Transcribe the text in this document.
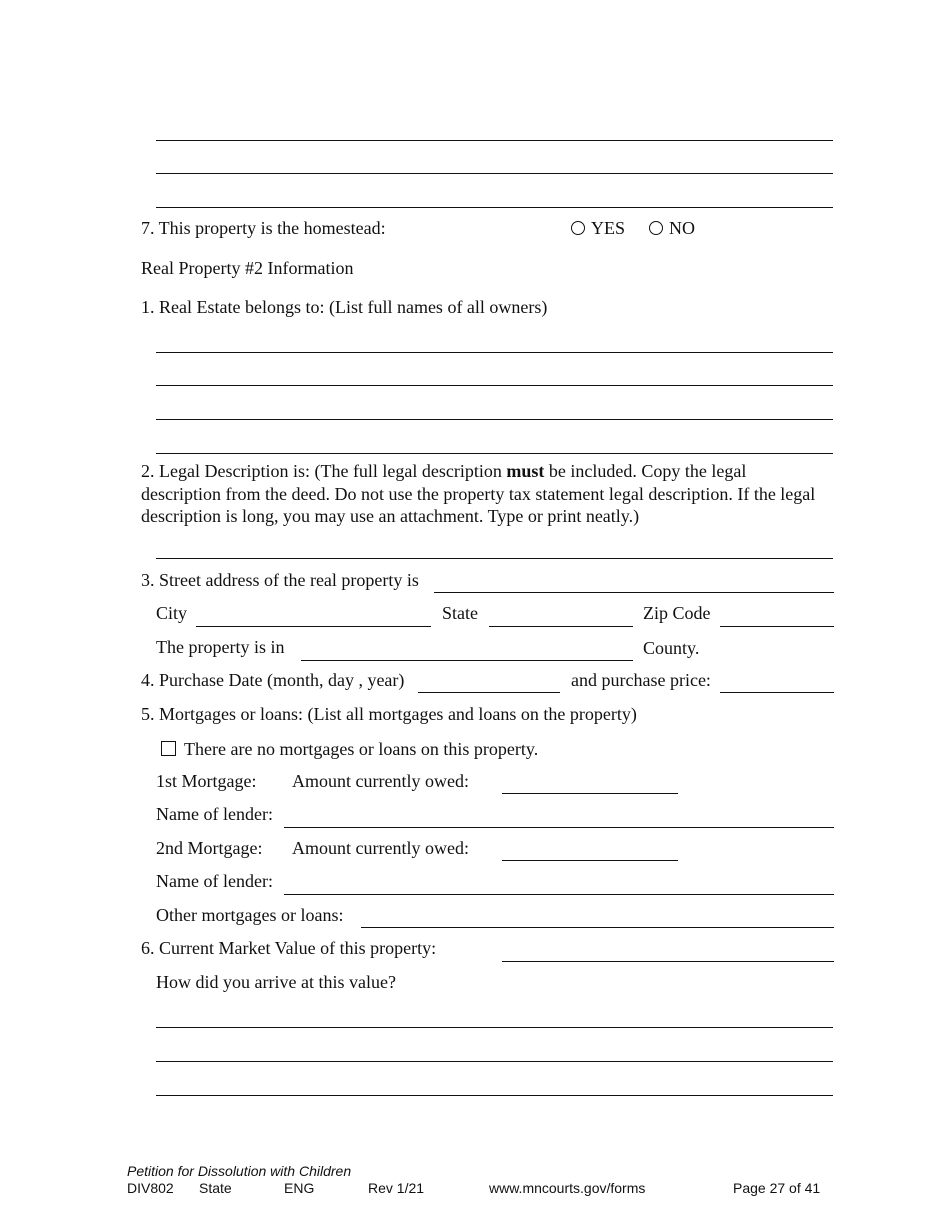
7. This property is the homestead:	YES	NO
Real Property #2 Information
1. Real Estate belongs to: (List full names of all owners)
2. Legal Description is: (The full legal description must be included. Copy the legal description from the deed. Do not use the property tax statement legal description. If the legal description is long, you may use an attachment. Type or print neatly.)
3. Street address of the real property is
City	State	Zip Code
The property is in	County.
4. Purchase Date (month, day , year)	and purchase price:
5. Mortgages or loans: (List all mortgages and loans on the property)
There are no mortgages or loans on this property.
1st Mortgage: Amount currently owed:
Name of lender:
2nd Mortgage: Amount currently owed:
Name of lender:
Other mortgages or loans:
6. Current Market Value of this property:
How did you arrive at this value?
Petition for Dissolution with Children
DIV802 State	ENG	Rev 1/21	www.mncourts.gov/forms	Page 27 of 41
